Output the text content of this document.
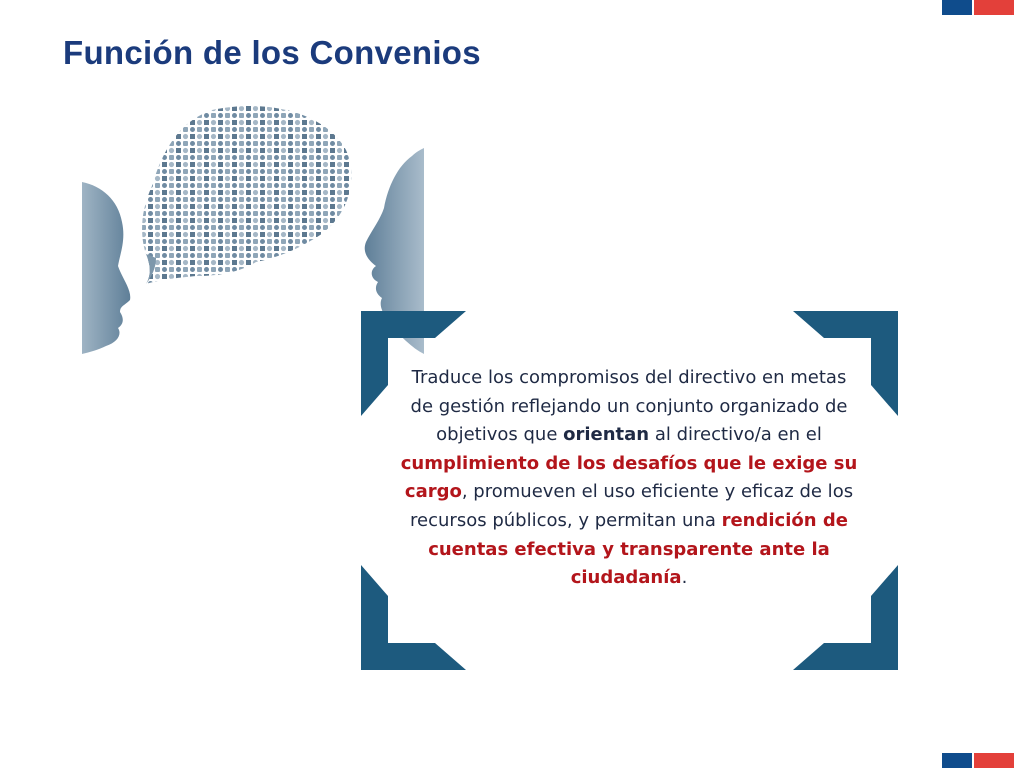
Función de los Convenios

Traduce los compromisos del directivo en metas de gestión reflejando un conjunto organizado de objetivos que orientan al directivo/a en el cumplimiento de los desafíos que le exige su cargo, promueven el uso eficiente y eficaz de los recursos públicos, y permitan una rendición de cuentas efectiva y transparente ante la ciudadanía.
